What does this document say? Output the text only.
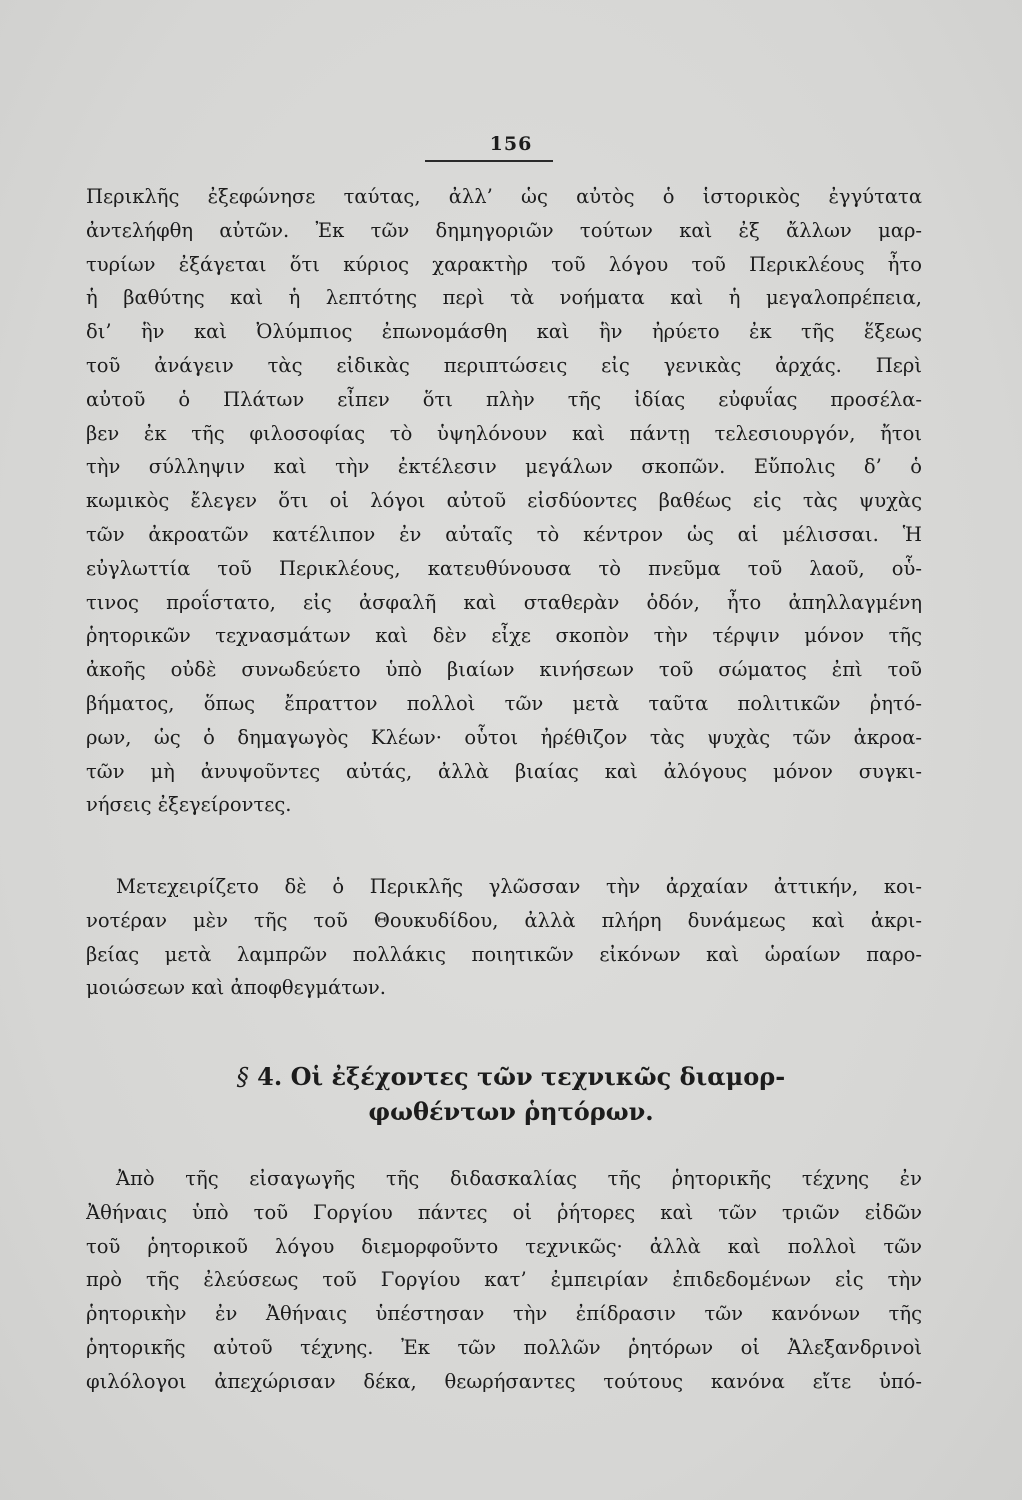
156
Περικλῆς ἐξεφώνησε ταύτας, ἀλλ’ ὡς αὐτὸς ὁ ἱστορικὸς ἐγγύτατα
ἀντελήφθη αὐτῶν. Ἐκ τῶν δημηγοριῶν τούτων καὶ ἐξ ἄλλων μαρ-
τυρίων ἐξάγεται ὅτι κύριος χαρακτὴρ τοῦ λόγου τοῦ Περικλέους ἦτο
ἡ βαθύτης καὶ ἡ λεπτότης περὶ τὰ νοήματα καὶ ἡ μεγαλοπρέπεια,
δι’ ἣν καὶ Ὀλύμπιος ἐπωνομάσθη καὶ ἣν ἠρύετο ἐκ τῆς ἕξεως
τοῦ ἀνάγειν τὰς εἰδικὰς περιπτώσεις εἰς γενικὰς ἀρχάς. Περὶ
αὐτοῦ ὁ Πλάτων εἶπεν ὅτι πλὴν τῆς ἰδίας εὐφυΐας προσέλα-
βεν ἐκ τῆς φιλοσοφίας τὸ ὑψηλόνουν καὶ πάντῃ τελεσιουργόν, ἤτοι
τὴν σύλληψιν καὶ τὴν ἐκτέλεσιν μεγάλων σκοπῶν. Εὔπολις δ’ ὁ
κωμικὸς ἔλεγεν ὅτι οἱ λόγοι αὐτοῦ εἰσδύοντες βαθέως εἰς τὰς ψυχὰς
τῶν ἀκροατῶν κατέλιπον ἐν αὐταῖς τὸ κέντρον ὡς αἱ μέλισσαι. Ἡ
εὐγλωττία τοῦ Περικλέους, κατευθύνουσα τὸ πνεῦμα τοῦ λαοῦ, οὗ-
τινος προΐστατο, εἰς ἀσφαλῆ καὶ σταθερὰν ὁδόν, ἦτο ἀπηλλαγμένη
ῥητορικῶν τεχνασμάτων καὶ δὲν εἶχε σκοπὸν τὴν τέρψιν μόνον τῆς
ἀκοῆς οὐδὲ συνωδεύετο ὑπὸ βιαίων κινήσεων τοῦ σώματος ἐπὶ τοῦ
βήματος, ὅπως ἔπραττον πολλοὶ τῶν μετὰ ταῦτα πολιτικῶν ῥητό-
ρων, ὡς ὁ δημαγωγὸς Κλέων· οὗτοι ἠρέθιζον τὰς ψυχὰς τῶν ἀκροα-
τῶν μὴ ἀνυψοῦντες αὐτάς, ἀλλὰ βιαίας καὶ ἀλόγους μόνον συγκι-
νήσεις ἐξεγείροντες.
Μετεχειρίζετο δὲ ὁ Περικλῆς γλῶσσαν τὴν ἀρχαίαν ἀττικήν, κοι-
νοτέραν μὲν τῆς τοῦ Θουκυδίδου, ἀλλὰ πλήρη δυνάμεως καὶ ἀκρι-
βείας μετὰ λαμπρῶν πολλάκις ποιητικῶν εἰκόνων καὶ ὡραίων παρο-
μοιώσεων καὶ ἀποφθεγμάτων.
§ 4. Οἱ ἐξέχοντες τῶν τεχνικῶς διαμορ-
φωθέντων ῥητόρων.
Ἀπὸ τῆς εἰσαγωγῆς τῆς διδασκαλίας τῆς ῥητορικῆς τέχνης ἐν
Ἀθήναις ὑπὸ τοῦ Γοργίου πάντες οἱ ῥήτορες καὶ τῶν τριῶν εἰδῶν
τοῦ ῥητορικοῦ λόγου διεμορφοῦντο τεχνικῶς· ἀλλὰ καὶ πολλοὶ τῶν
πρὸ τῆς ἐλεύσεως τοῦ Γοργίου κατ’ ἐμπειρίαν ἐπιδεδομένων εἰς τὴν
ῥητορικὴν ἐν Ἀθήναις ὑπέστησαν τὴν ἐπίδρασιν τῶν κανόνων τῆς
ῥητορικῆς αὐτοῦ τέχνης. Ἐκ τῶν πολλῶν ῥητόρων οἱ Ἀλεξανδρινοὶ
φιλόλογοι ἀπεχώρισαν δέκα, θεωρήσαντες τούτους κανόνα εἴτε ὑπό-
